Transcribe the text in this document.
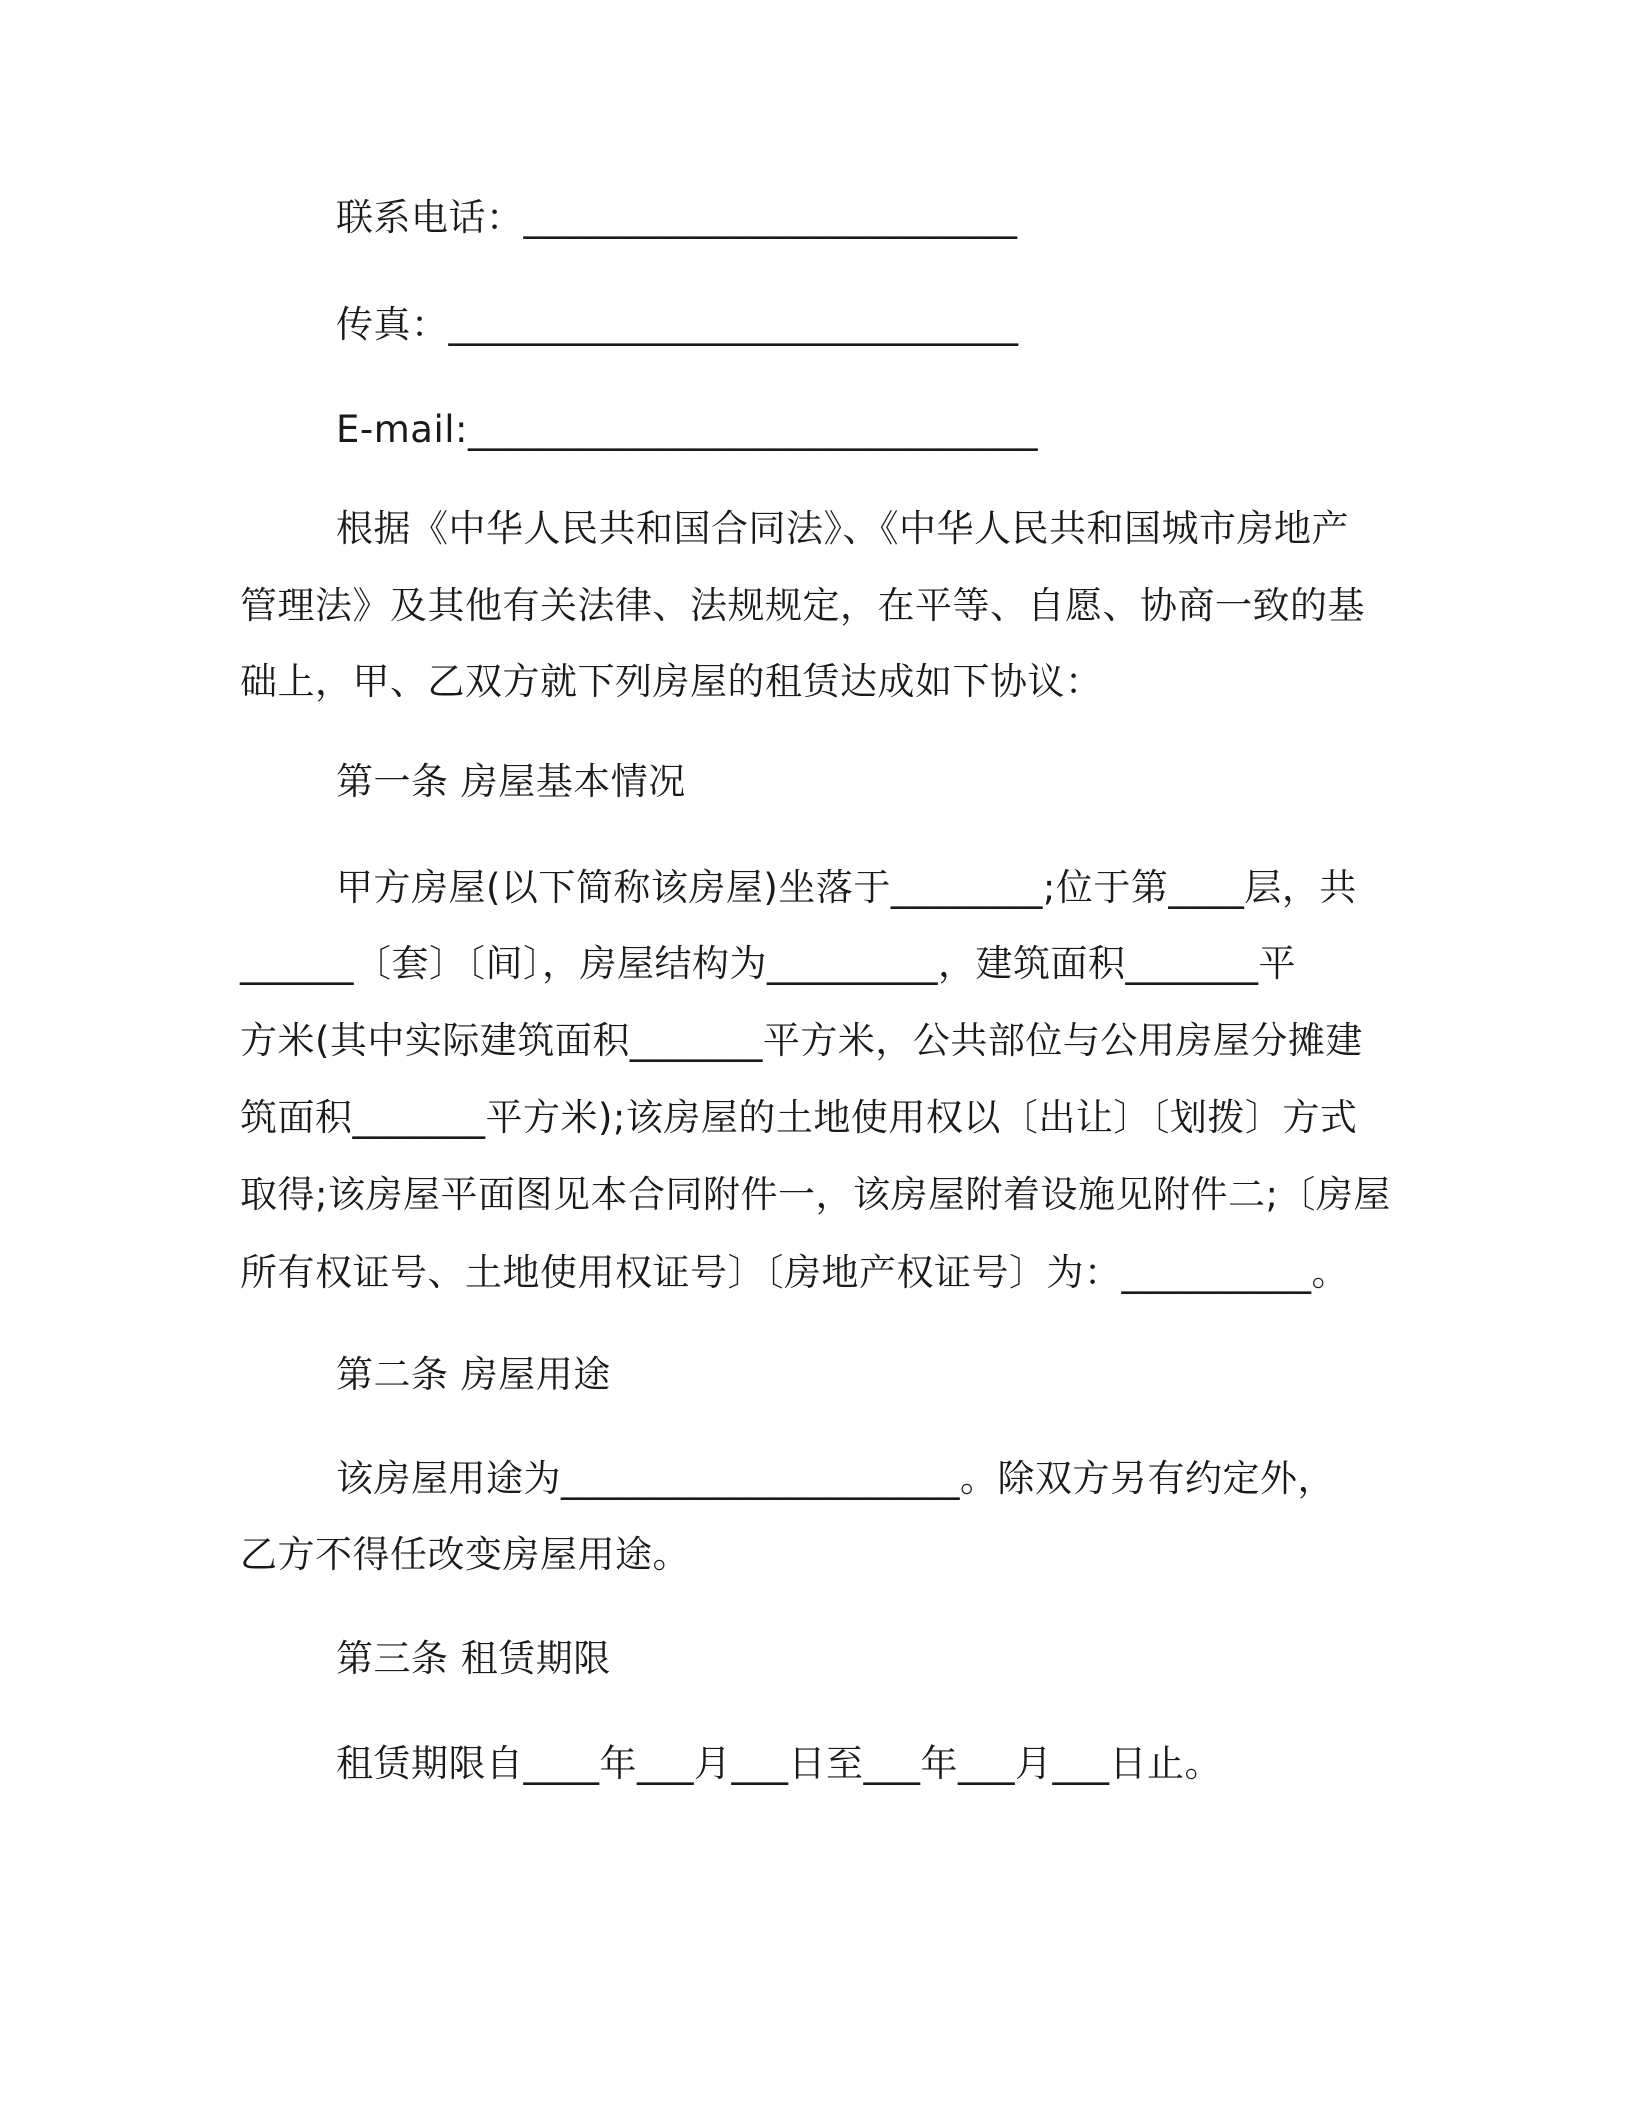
联系电话：__________________________
传真：______________________________
E-mail:______________________________
根据《中华人民共和国合同法》、《中华人民共和国城市房地产
管理法》及其他有关法律、法规规定，在平等、自愿、协商一致的基
础上，甲、乙双方就下列房屋的租赁达成如下协议：
第一条 房屋基本情况
甲方房屋(以下简称该房屋)坐落于________;位于第____层，共
______〔套〕〔间〕，房屋结构为_________，建筑面积_______平
方米(其中实际建筑面积_______平方米，公共部位与公用房屋分摊建
筑面积_______平方米);该房屋的土地使用权以〔出让〕〔划拨〕方式
取得;该房屋平面图见本合同附件一，该房屋附着设施见附件二;〔房屋
所有权证号、土地使用权证号〕〔房地产权证号〕为：__________。
第二条 房屋用途
该房屋用途为_____________________。除双方另有约定外，
乙方不得任改变房屋用途。
第三条 租赁期限
租赁期限自____年___月___日至___年___月___日止。
